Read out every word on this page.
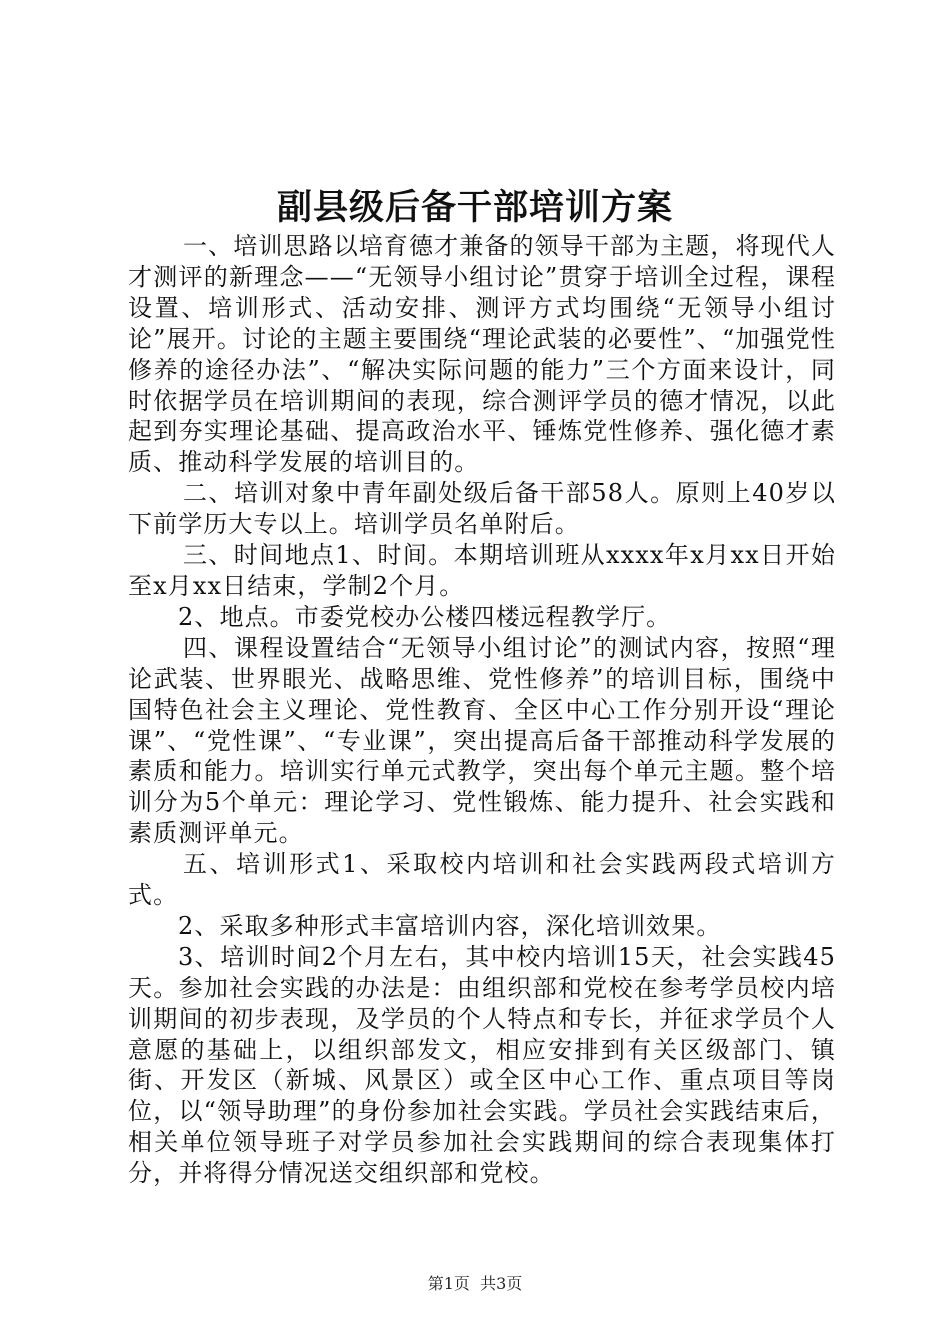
副县级后备干部培训方案

一、培训思路以培育德才兼备的领导干部为主题，将现代人才测评的新理念——“无领导小组讨论”贯穿于培训全过程，课程设置、培训形式、活动安排、测评方式均围绕“无领导小组讨论”展开。讨论的主题主要围绕“理论武装的必要性”、“加强党性修养的途径办法”、“解决实际问题的能力”三个方面来设计，同时依据学员在培训期间的表现，综合测评学员的德才情况，以此起到夯实理论基础、提高政治水平、锤炼党性修养、强化德才素质、推动科学发展的培训目的。

二、培训对象中青年副处级后备干部58人。原则上40岁以下前学历大专以上。培训学员名单附后。

三、时间地点1、时间。本期培训班从xxxx年x月xx日开始至x月xx日结束，学制2个月。

2、地点。市委党校办公楼四楼远程教学厅。

四、课程设置结合“无领导小组讨论”的测试内容，按照“理论武装、世界眼光、战略思维、党性修养”的培训目标，围绕中国特色社会主义理论、党性教育、全区中心工作分别开设“理论课”、“党性课”、“专业课”，突出提高后备干部推动科学发展的素质和能力。培训实行单元式教学，突出每个单元主题。整个培训分为5个单元：理论学习、党性锻炼、能力提升、社会实践和素质测评单元。

五、培训形式1、采取校内培训和社会实践两段式培训方式。

2、采取多种形式丰富培训内容，深化培训效果。

3、培训时间2个月左右，其中校内培训15天，社会实践45天。参加社会实践的办法是：由组织部和党校在参考学员校内培训期间的初步表现，及学员的个人特点和专长，并征求学员个人意愿的基础上，以组织部发文，相应安排到有关区级部门、镇街、开发区（新城、风景区）或全区中心工作、重点项目等岗位，以“领导助理”的身份参加社会实践。学员社会实践结束后，相关单位领导班子对学员参加社会实践期间的综合表现集体打分，并将得分情况送交组织部和党校。

第1页 共3页
